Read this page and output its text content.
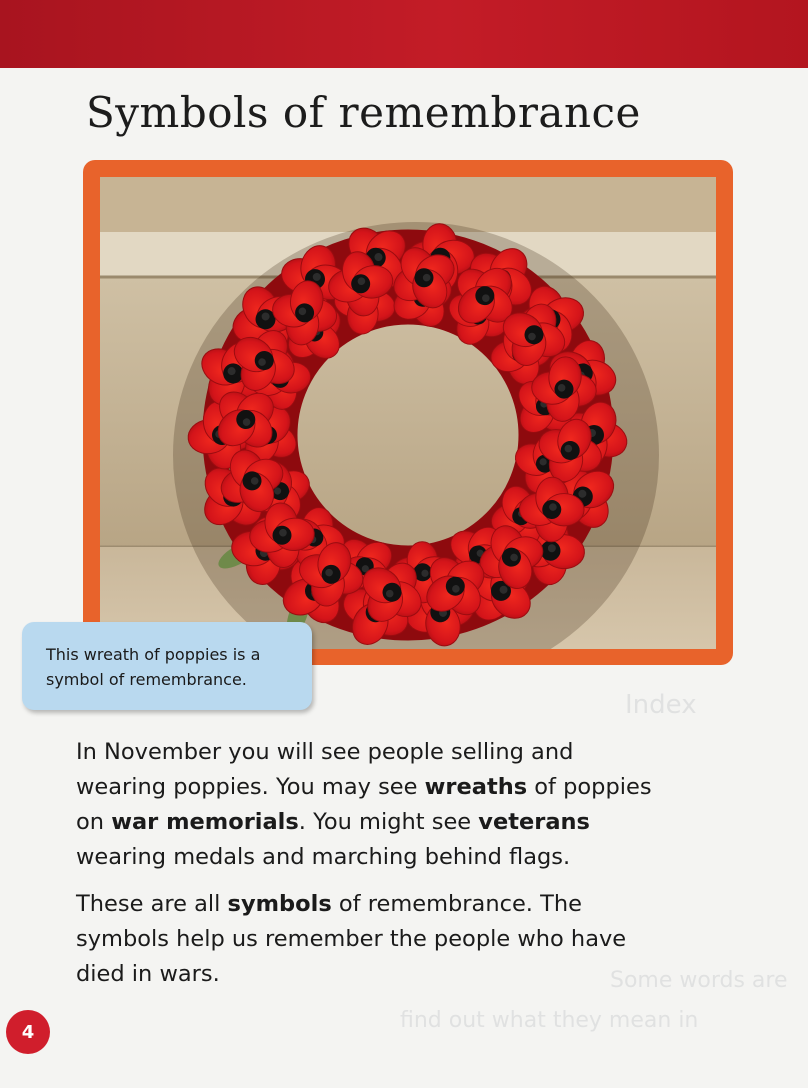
Symbols of remembrance
Index
Some words are
find out what they mean in
This wreath of poppies is a symbol of remembrance.

In November you will see people selling and wearing poppies. You may see wreaths of poppies on war memorials. You might see veterans wearing medals and marching behind flags.

These are all symbols of remembrance. The symbols help us remember the people who have died in wars.

4
